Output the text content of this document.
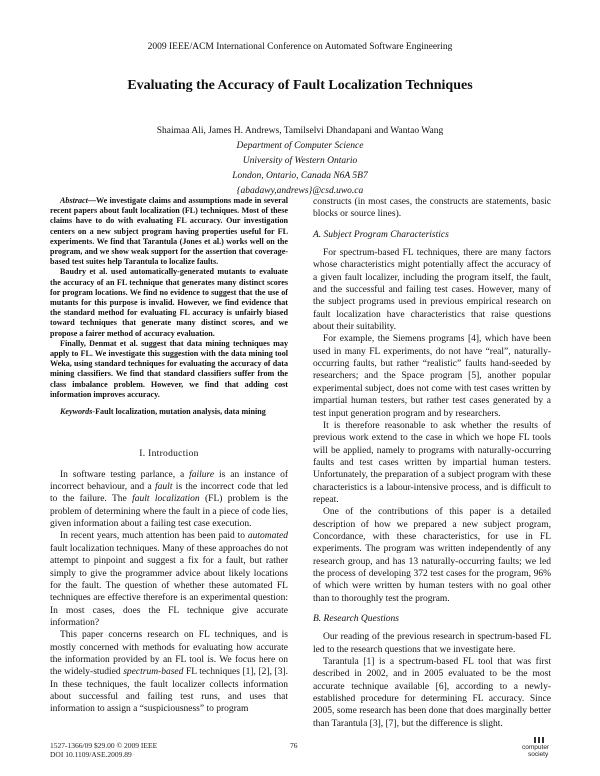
2009 IEEE/ACM International Conference on Automated Software Engineering
Evaluating the Accuracy of Fault Localization Techniques
Shaimaa Ali, James H. Andrews, Tamilselvi Dhandapani and Wantao Wang
Department of Computer Science
University of Western Ontario
London, Ontario, Canada N6A 5B7
{abadawy,andrews}@csd.uwo.ca

Abstract—We investigate claims and assumptions made in several recent papers about fault localization (FL) techniques. Most of these claims have to do with evaluating FL accuracy. Our investigation centers on a new subject program having properties useful for FL experiments. We find that Tarantula (Jones et al.) works well on the program, and we show weak support for the assertion that coverage-based test suites help Tarantula to localize faults.

Baudry et al. used automatically-generated mutants to evaluate the accuracy of an FL technique that generates many distinct scores for program locations. We find no evidence to suggest that the use of mutants for this purpose is invalid. However, we find evidence that the standard method for evaluating FL accuracy is unfairly biased toward techniques that generate many distinct scores, and we propose a fairer method of accuracy evaluation.

Finally, Denmat et al. suggest that data mining techniques may apply to FL. We investigate this suggestion with the data mining tool Weka, using standard techniques for evaluating the accuracy of data mining classifiers. We find that standard classifiers suffer from the class imbalance problem. However, we find that adding cost information improves accuracy.

Keywords-Fault localization, mutation analysis, data mining
I. Introduction

In software testing parlance, a failure is an instance of incorrect behaviour, and a fault is the incorrect code that led to the failure. The fault localization (FL) problem is the problem of determining where the fault in a piece of code lies, given information about a failing test case execution.

In recent years, much attention has been paid to automated fault localization techniques. Many of these approaches do not attempt to pinpoint and suggest a fix for a fault, but rather simply to give the programmer advice about likely locations for the fault. The question of whether these automated FL techniques are effective therefore is an experimental question: In most cases, does the FL technique give accurate information?

This paper concerns research on FL techniques, and is mostly concerned with methods for evaluating how accurate the information provided by an FL tool is. We focus here on the widely-studied spectrum-based FL techniques [1], [2], [3]. In these techniques, the fault localizer collects information about successful and failing test runs, and uses that information to assign a “suspiciousness” to program

constructs (in most cases, the constructs are statements, basic blocks or source lines).

A. Subject Program Characteristics

For spectrum-based FL techniques, there are many factors whose characteristics might potentially affect the accuracy of a given fault localizer, including the program itself, the fault, and the successful and failing test cases. However, many of the subject programs used in previous empirical research on fault localization have characteristics that raise questions about their suitability.

For example, the Siemens programs [4], which have been used in many FL experiments, do not have “real”, naturally-occurring faults, but rather “realistic” faults hand-seeded by researchers; and the Space program [5], another popular experimental subject, does not come with test cases written by impartial human testers, but rather test cases generated by a test input generation program and by researchers.

It is therefore reasonable to ask whether the results of previous work extend to the case in which we hope FL tools will be applied, namely to programs with naturally-occurring faults and test cases written by impartial human testers. Unfortunately, the preparation of a subject program with these characteristics is a labour-intensive process, and is difficult to repeat.

One of the contributions of this paper is a detailed description of how we prepared a new subject program, Concordance, with these characteristics, for use in FL experiments. The program was written independently of any research group, and has 13 naturally-occurring faults; we led the process of developing 372 test cases for the program, 96% of which were written by human testers with no goal other than to thoroughly test the program.

B. Research Questions

Our reading of the previous research in spectrum-based FL led to the research questions that we investigate here.

Tarantula [1] is a spectrum-based FL tool that was first described in 2002, and in 2005 evaluated to be the most accurate technique available [6], according to a newly-established procedure for determining FL accuracy. Since 2005, some research has been done that does marginally better than Tarantula [3], [7], but the difference is slight.

1527-1366/09 $29.00 © 2009 IEEE
DOI 10.1109/ASE.2009.89
76	computer
society
